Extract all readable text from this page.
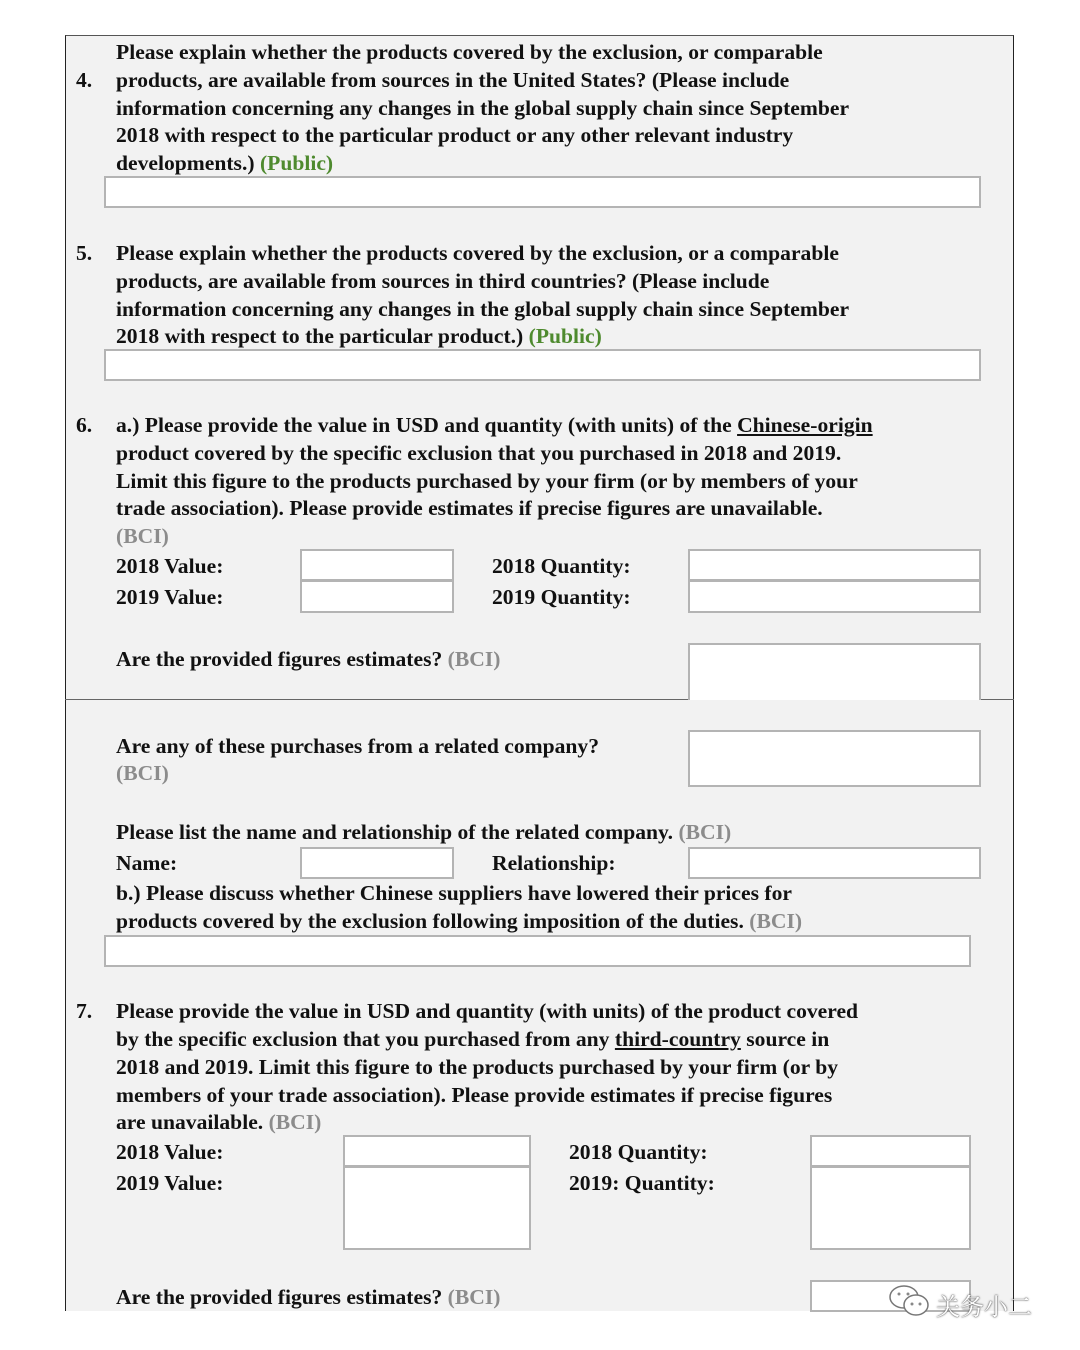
4.
Please explain whether the products covered by the exclusion, or comparable
products, are available from sources in the United States? (Please include
information concerning any changes in the global supply chain since September
2018 with respect to the particular product or any other relevant industry
developments.) (Public)
5. Please explain whether the products covered by the exclusion, or a comparable
products, are available from sources in third countries? (Please include
information concerning any changes in the global supply chain since September
2018 with respect to the particular product.) (Public)
6. a.) Please provide the value in USD and quantity (with units) of the Chinese-origin
product covered by the specific exclusion that you purchased in 2018 and 2019.
Limit this figure to the products purchased by your firm (or by members of your
trade association). Please provide estimates if precise figures are unavailable.
(BCI)
2018 Value:
2019 Value:
2018 Quantity:
2019 Quantity:
Are the provided figures estimates? (BCI)
Are any of these purchases from a related company?
(BCI)
Please list the name and relationship of the related company. (BCI)
Name:	Relationship:
b.) Please discuss whether Chinese suppliers have lowered their prices for
products covered by the exclusion following imposition of the duties. (BCI)
7. Please provide the value in USD and quantity (with units) of the product covered
by the specific exclusion that you purchased from any third-country source in
2018 and 2019. Limit this figure to the products purchased by your firm (or by
members of your trade association). Please provide estimates if precise figures
are unavailable. (BCI)
2018 Value:
2019 Value:
2018 Quantity:
2019: Quantity:
Are the provided figures estimates? (BCI)	关务小二
